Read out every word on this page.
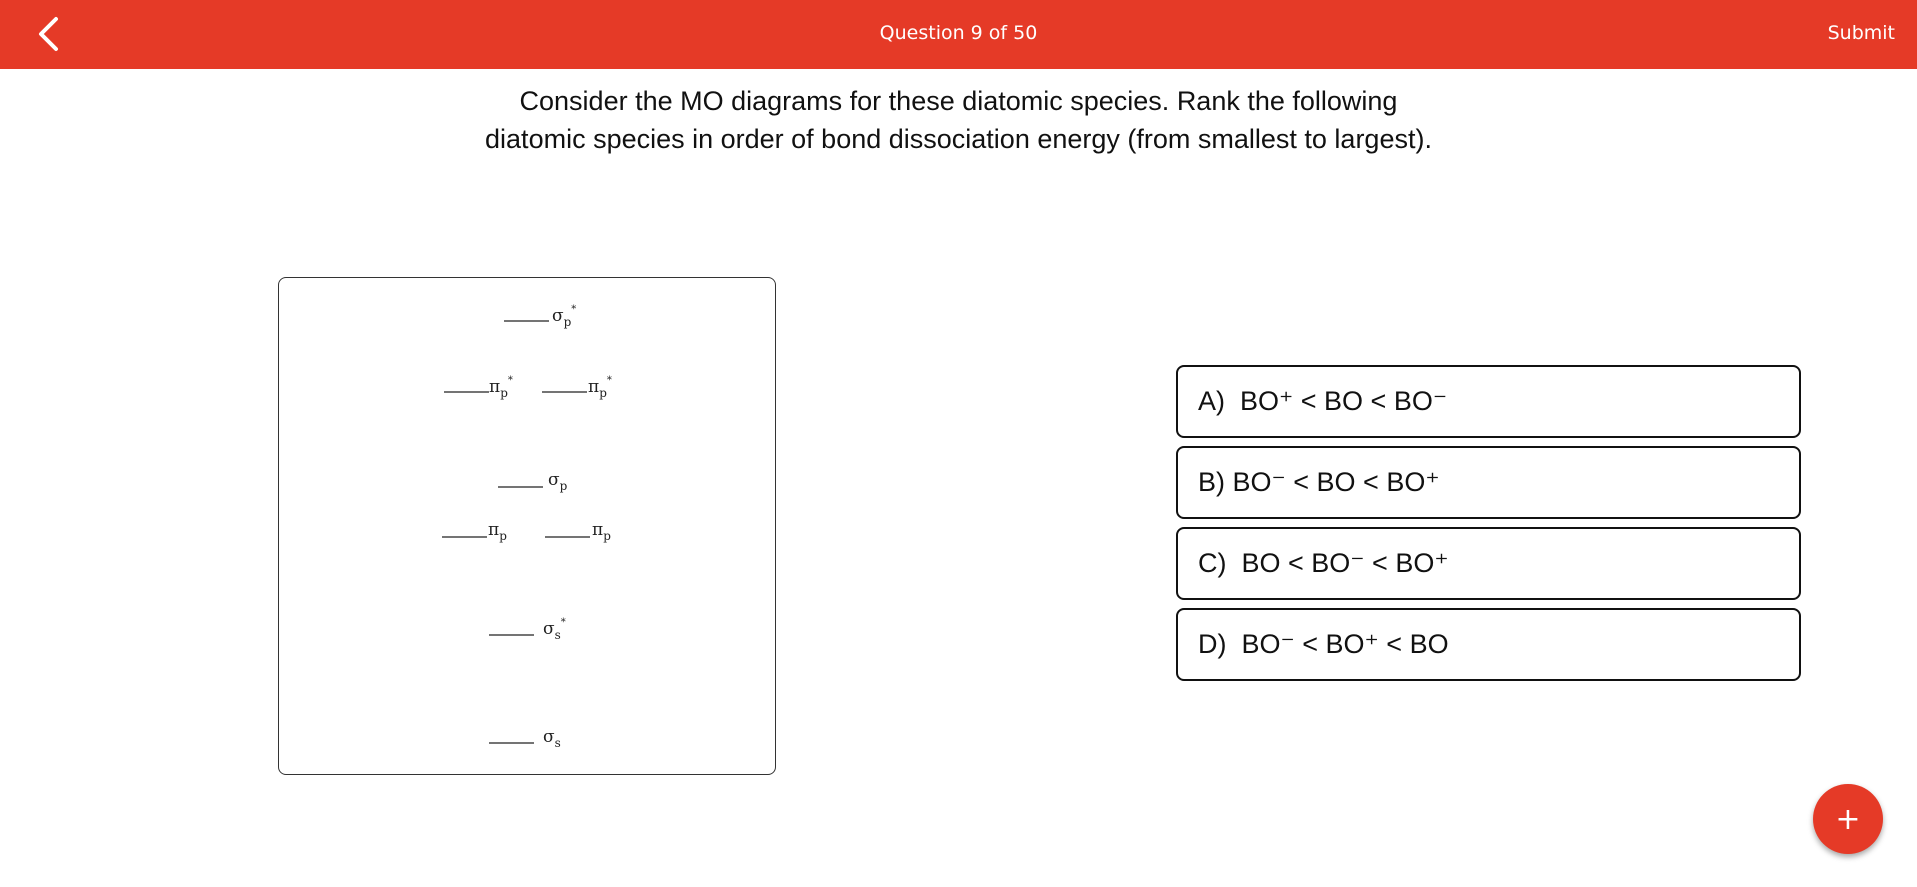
Question 9 of 50	Submit
Consider the MO diagrams for these diatomic species. Rank the following
diatomic species in order of bond dissociation energy (from smallest to largest).
$\sigma_p^*$
$\pi_p^*$	$\pi_p^*$
$\sigma_p$
$\pi_p$	$\pi_p$
$\sigma_s^*$
$\sigma_s$
A)
BO⁺ < BO < BO⁻
B)
BO⁻ < BO < BO⁺
C)
BO < BO⁻ < BO⁺
D)
BO⁻ < BO⁺ < BO
+
